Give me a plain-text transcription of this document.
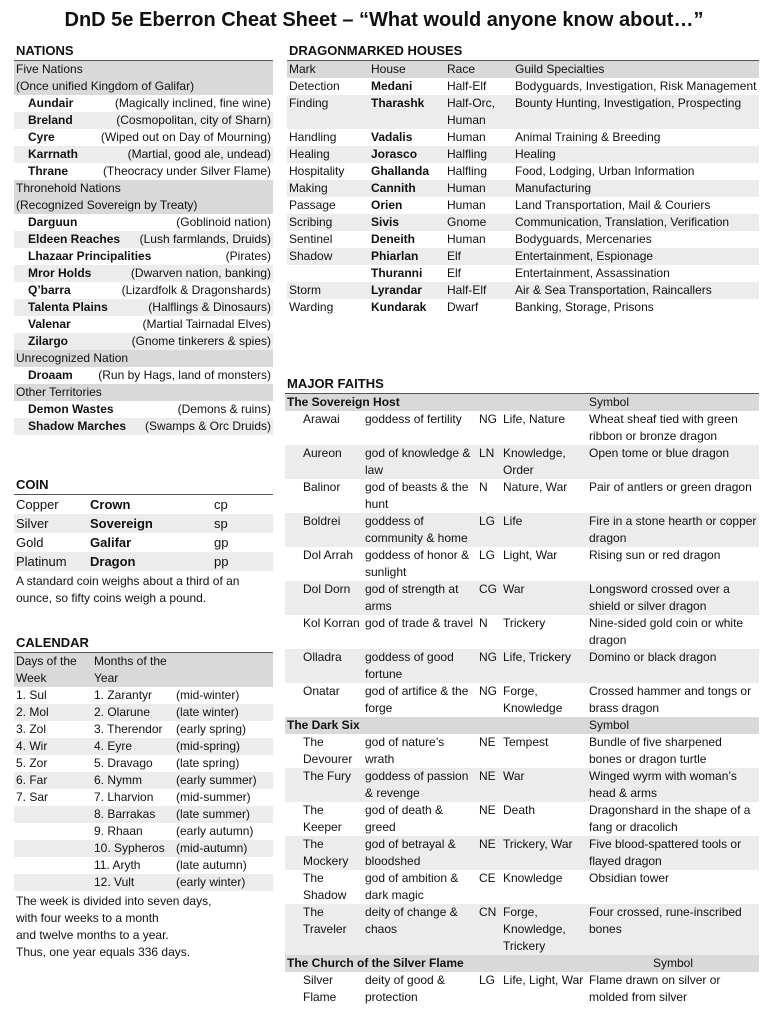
DnD 5e Eberron Cheat Sheet – “What would anyone know about…”
NATIONS
Five Nations
(Once unified Kingdom of Galifar)
Aundair	(Magically inclined, fine wine)
Breland	(Cosmopolitan, city of Sharn)
Cyre	(Wiped out on Day of Mourning)
Karrnath	(Martial, good ale, undead)
Thrane	(Theocracy under Silver Flame)
Thronehold Nations
(Recognized Sovereign by Treaty)
Darguun	(Goblinoid nation)
Eldeen Reaches (Lush farmlands, Druids)
Lhazaar Principalities	(Pirates)
Mror Holds	(Dwarven nation, banking)
Q’barra	(Lizardfolk & Dragonshards)
Talenta Plains	(Halflings & Dinosaurs)
Valenar	(Martial Tairnadal Elves)
Zilargo	(Gnome tinkerers & spies)
Unrecognized Nation
Droaam (Run by Hags, land of monsters)
Other Territories
Demon Wastes	(Demons & ruins)
Shadow Marches (Swamps & Orc Druids)
COIN
Copper	Crown	cp
Silver	Sovereign	sp
Gold	Galifar	gp
Platinum	Dragon	pp
A standard coin weighs about a third of an ounce, so fifty coins weigh a pound.
CALENDAR
Days of the Week	Months of the Year	
1. Sul	1. Zarantyr	(mid-winter)
2. Mol	2. Olarune	(late winter)
3. Zol	3. Therendor	(early spring)
4. Wir	4. Eyre	(mid-spring)
5. Zor	5. Dravago	(late spring)
6. Far	6. Nymm	(early summer)
7. Sar	7. Lharvion	(mid-summer)
	8. Barrakas	(late summer)
	9. Rhaan	(early autumn)
	10. Sypheros	(mid-autumn)
	11. Aryth	(late autumn)
	12. Vult	(early winter)
The week is divided into seven days,
with four weeks to a month
and twelve months to a year.
Thus, one year equals 336 days.
DRAGONMARKED HOUSES
Mark	House	Race	Guild Specialties
Detection	Medani	Half-Elf	Bodyguards, Investigation, Risk Management
Finding	Tharashk	Half-Orc, Human	Bounty Hunting, Investigation, Prospecting
Handling	Vadalis	Human	Animal Training & Breeding
Healing	Jorasco	Halfling	Healing
Hospitality	Ghallanda	Halfling	Food, Lodging, Urban Information
Making	Cannith	Human	Manufacturing
Passage	Orien	Human	Land Transportation, Mail & Couriers
Scribing	Sivis	Gnome	Communication, Translation, Verification
Sentinel	Deneith	Human	Bodyguards, Mercenaries
Shadow	Phiarlan	Elf	Entertainment, Espionage
	Thuranni	Elf	Entertainment, Assassination
Storm	Lyrandar	Half-Elf	Air & Sea Transportation, Raincallers
Warding	Kundarak	Dwarf	Banking, Storage, Prisons
MAJOR FAITHS
The Sovereign Host					Symbol
	Arawai	goddess of fertility	NG	Life, Nature	Wheat sheaf tied with green ribbon or bronze dragon
	Aureon	god of knowledge & law	LN	Knowledge, Order	Open tome or blue dragon
	Balinor	god of beasts & the hunt	N	Nature, War	Pair of antlers or green dragon
	Boldrei	goddess of community & home	LG	Life	Fire in a stone hearth or copper dragon
	Dol Arrah	goddess of honor & sunlight	LG	Light, War	Rising sun or red dragon
	Dol Dorn	god of strength at arms	CG	War	Longsword crossed over a shield or silver dragon
	Kol Korran	god of trade & travel	N	Trickery	Nine-sided gold coin or white dragon
	Olladra	goddess of good fortune	NG	Life, Trickery	Domino or black dragon
	Onatar	god of artifice & the forge	NG	Forge, Knowledge	Crossed hammer and tongs or brass dragon
The Dark Six					Symbol
	The Devourer	god of nature’s wrath	NE	Tempest	Bundle of five sharpened bones or dragon turtle
	The Fury	goddess of passion & revenge	NE	War	Winged wyrm with woman’s head & arms
	The Keeper	god of death & greed	NE	Death	Dragonshard in the shape of a fang or dracolich
	The Mockery	god of betrayal & bloodshed	NE	Trickery, War	Five blood-spattered tools or flayed dragon
	The Shadow	god of ambition & dark magic	CE	Knowledge	Obsidian tower
	The Traveler	deity of change & chaos	CN	Forge, Knowledge, Trickery	Four crossed, rune-inscribed bones
The Church of the Silver Flame					Symbol
	Silver Flame	deity of good & protection	LG	Life, Light, War	Flame drawn on silver or molded from silver
